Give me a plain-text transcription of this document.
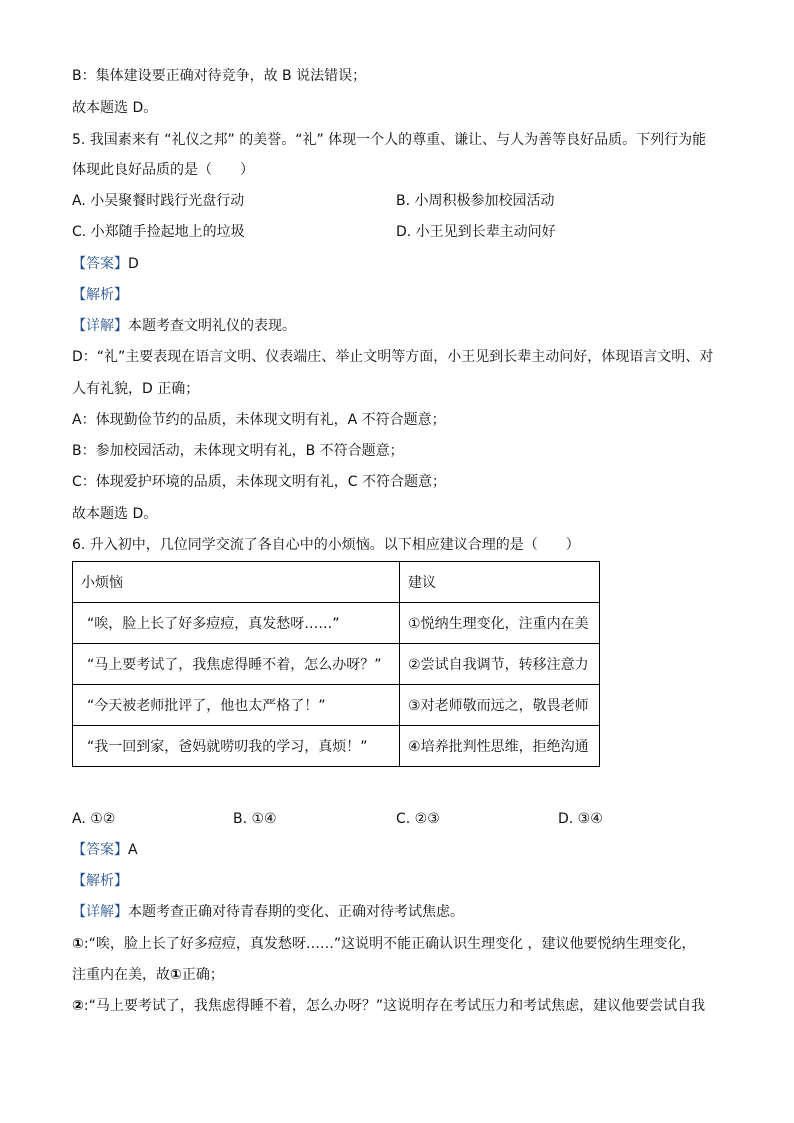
B：集体建设要正确对待竞争，故 B 说法错误；
故本题选 D。
5. 我国素来有 “礼仪之邦” 的美誉。“礼” 体现一个人的尊重、谦让、与人为善等良好品质。下列行为能
体现此良好品质的是（　　）
A. 小吴聚餐时践行光盘行动	B. 小周积极参加校园活动
C. 小郑随手捡起地上的垃圾	D. 小王见到长辈主动问好
【答案】D
【解析】
【详解】本题考查文明礼仪的表现。
D：“礼”主要表现在语言文明、仪表端庄、举止文明等方面，小王见到长辈主动问好，体现语言文明、对
人有礼貌，D 正确；
A：体现勤俭节约的品质，未体现文明有礼，A 不符合题意；
B：参加校园活动，未体现文明有礼，B 不符合题意；
C：体现爱护环境的品质，未体现文明有礼，C 不符合题意；
故本题选 D。
6. 升入初中，几位同学交流了各自心中的小烦恼。以下相应建议合理的是（　　）
小烦恼	建议
“唉，脸上长了好多痘痘，真发愁呀……”	①悦纳生理变化，注重内在美
“马上要考试了，我焦虑得睡不着，怎么办呀？”	②尝试自我调节，转移注意力
“今天被老师批评了，他也太严格了！”	③对老师敬而远之，敬畏老师
“我一回到家，爸妈就唠叨我的学习，真烦！”	④培养批判性思维，拒绝沟通
A. ①②	B. ①④	C. ②③	D. ③④
【答案】A
【解析】
【详解】本题考查正确对待青春期的变化、正确对待考试焦虑。
①:“唉，脸上长了好多痘痘，真发愁呀……”这说明不能正确认识生理变化 ，建议他要悦纳生理变化，
注重内在美，故①正确；
②:“马上要考试了，我焦虑得睡不着，怎么办呀？”这说明存在考试压力和考试焦虑，建议他要尝试自我
